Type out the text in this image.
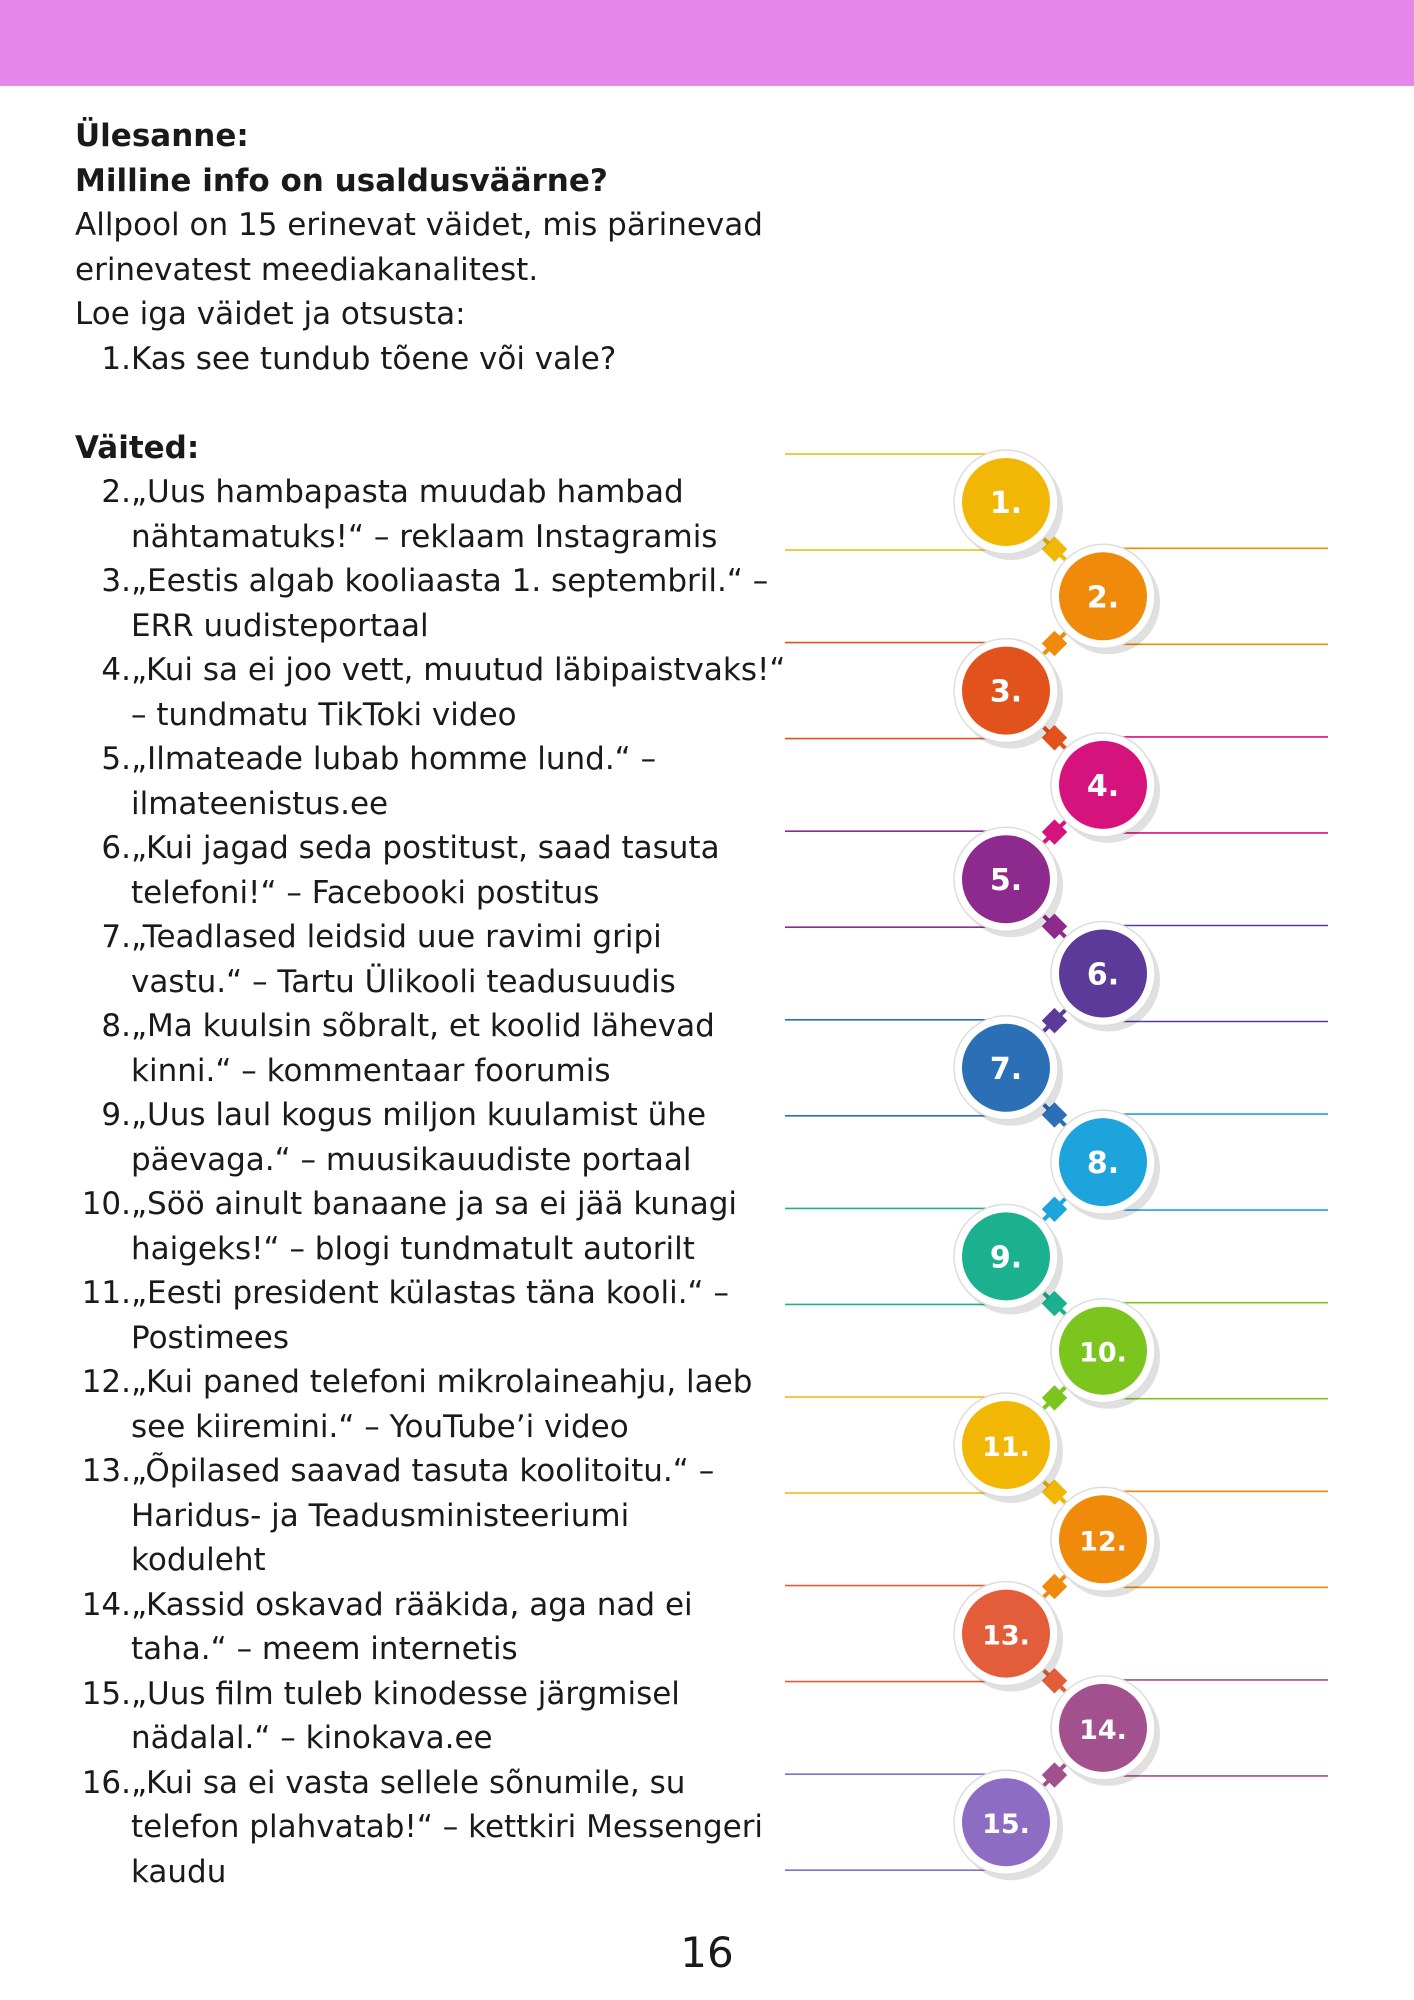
Ülesanne:
Milline info on usaldusväärne?
Allpool on 15 erinevat väidet, mis pärinevad
erinevatest meediakanalitest.
Loe iga väidet ja otsusta:
1. Kas see tundub tõene või vale?
Väited:
2. „Uus hambapasta muudab hambad
nähtamatuks!“ – reklaam Instagramis
3. „Eestis algab kooliaasta 1. septembril.“ –
ERR uudisteportaal
4. „Kui sa ei joo vett, muutud läbipaistvaks!“
– tundmatu TikToki video
5. „Ilmateade lubab homme lund.“ –
ilmateenistus.ee
6. „Kui jagad seda postitust, saad tasuta
telefoni!“ – Facebooki postitus
7. „Teadlased leidsid uue ravimi gripi
vastu.“ – Tartu Ülikooli teadusuudis
8. „Ma kuulsin sõbralt, et koolid lähevad
kinni.“ – kommentaar foorumis
9. „Uus laul kogus miljon kuulamist ühe
päevaga.“ – muusikauudiste portaal
10. „Söö ainult banaane ja sa ei jää kunagi
haigeks!“ – blogi tundmatult autorilt
11. „Eesti president külastas täna kooli.“ –
Postimees
12. „Kui paned telefoni mikrolaineahju, laeb
see kiiremini.“ – YouTube’i video
13. „Õpilased saavad tasuta koolitoitu.“ –
Haridus- ja Teadusministeeriumi
koduleht
14. „Kassid oskavad rääkida, aga nad ei
taha.“ – meem internetis
15. „Uus film tuleb kinodesse järgmisel
nädalal.“ – kinokava.ee
16. „Kui sa ei vasta sellele sõnumile, su
telefon plahvatab!“ – kettkiri Messengeri
kaudu
1.
2.
3.
4.
5.
6.
7.
8.
9.
10.
11.
12.
13.
14.
15.
16
